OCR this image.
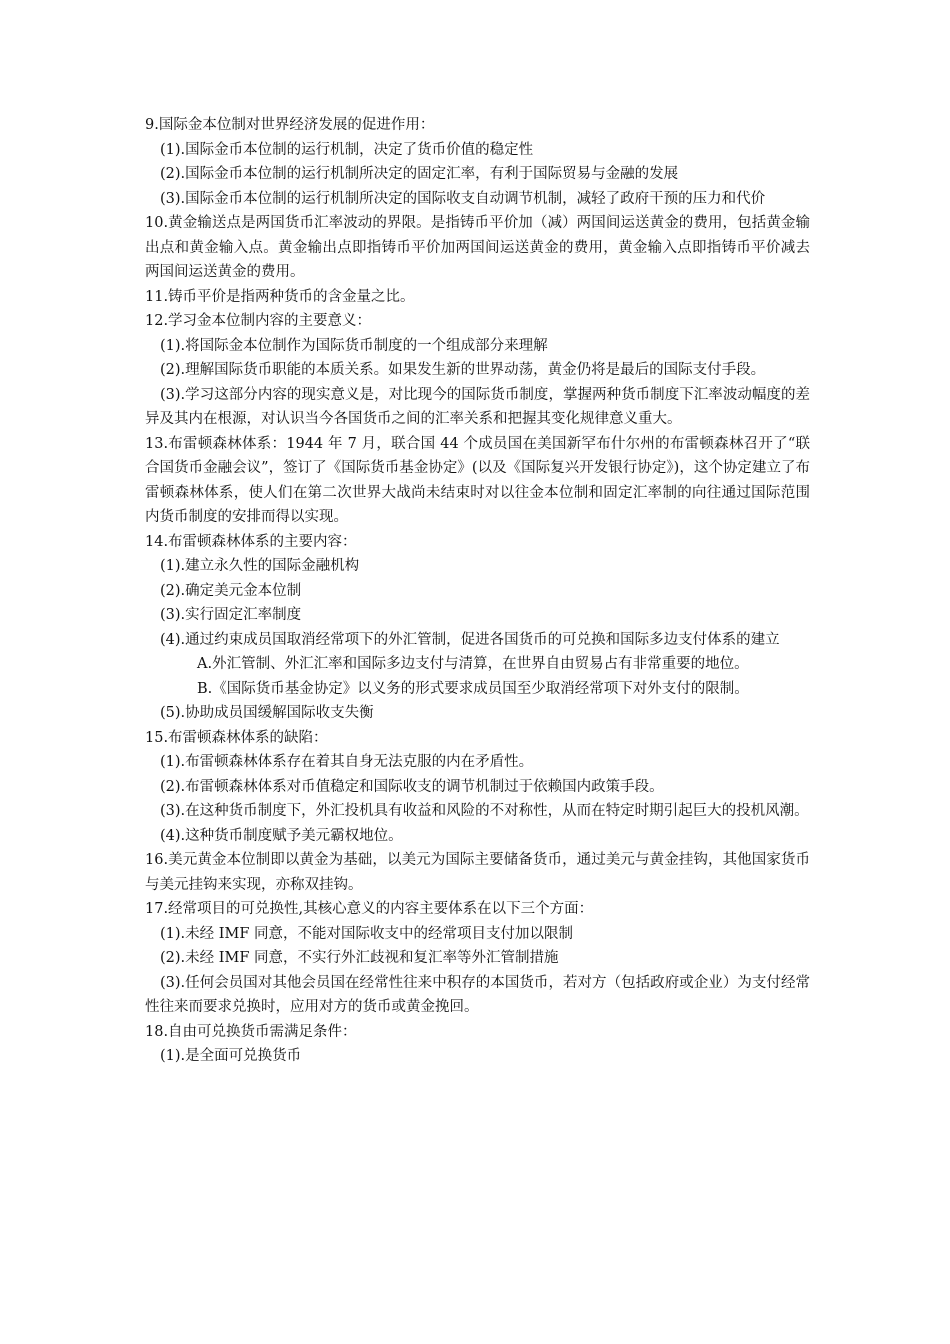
9.国际金本位制对世界经济发展的促进作用：

(1).国际金币本位制的运行机制，决定了货币价值的稳定性

(2).国际金币本位制的运行机制所决定的固定汇率，有利于国际贸易与金融的发展

(3).国际金币本位制的运行机制所决定的国际收支自动调节机制，减轻了政府干预的压力和代价

10.黄金输送点是两国货币汇率波动的界限。是指铸币平价加（减）两国间运送黄金的费用，包括黄金输出点和黄金输入点。黄金输出点即指铸币平价加两国间运送黄金的费用，黄金输入点即指铸币平价减去两国间运送黄金的费用。

11.铸币平价是指两种货币的含金量之比。

12.学习金本位制内容的主要意义：

(1).将国际金本位制作为国际货币制度的一个组成部分来理解

(2).理解国际货币职能的本质关系。如果发生新的世界动荡，黄金仍将是最后的国际支付手段。

(3).学习这部分内容的现实意义是，对比现今的国际货币制度，掌握两种货币制度下汇率波动幅度的差异及其内在根源，对认识当今各国货币之间的汇率关系和把握其变化规律意义重大。

13.布雷顿森林体系：1944 年 7 月，联合国 44 个成员国在美国新罕布什尔州的布雷顿森林召开了“联合国货币金融会议”，签订了《国际货币基金协定》(以及《国际复兴开发银行协定》)，这个协定建立了布雷顿森林体系，使人们在第二次世界大战尚未结束时对以往金本位制和固定汇率制的向往通过国际范围内货币制度的安排而得以实现。

14.布雷顿森林体系的主要内容：

(1).建立永久性的国际金融机构

(2).确定美元金本位制

(3).实行固定汇率制度

(4).通过约束成员国取消经常项下的外汇管制，促进各国货币的可兑换和国际多边支付体系的建立

A.外汇管制、外汇汇率和国际多边支付与清算，在世界自由贸易占有非常重要的地位。

B.《国际货币基金协定》以义务的形式要求成员国至少取消经常项下对外支付的限制。

(5).协助成员国缓解国际收支失衡

15.布雷顿森林体系的缺陷：

(1).布雷顿森林体系存在着其自身无法克服的内在矛盾性。

(2).布雷顿森林体系对币值稳定和国际收支的调节机制过于依赖国内政策手段。

(3).在这种货币制度下，外汇投机具有收益和风险的不对称性，从而在特定时期引起巨大的投机风潮。

(4).这种货币制度赋予美元霸权地位。

16.美元黄金本位制即以黄金为基础，以美元为国际主要储备货币，通过美元与黄金挂钩，其他国家货币与美元挂钩来实现，亦称双挂钩。

17.经常项目的可兑换性,其核心意义的内容主要体系在以下三个方面：

(1).未经 IMF 同意，不能对国际收支中的经常项目支付加以限制

(2).未经 IMF 同意，不实行外汇歧视和复汇率等外汇管制措施

(3).任何会员国对其他会员国在经常性往来中积存的本国货币，若对方（包括政府或企业）为支付经常性往来而要求兑换时，应用对方的货币或黄金挽回。

18.自由可兑换货币需满足条件：

(1).是全面可兑换货币
